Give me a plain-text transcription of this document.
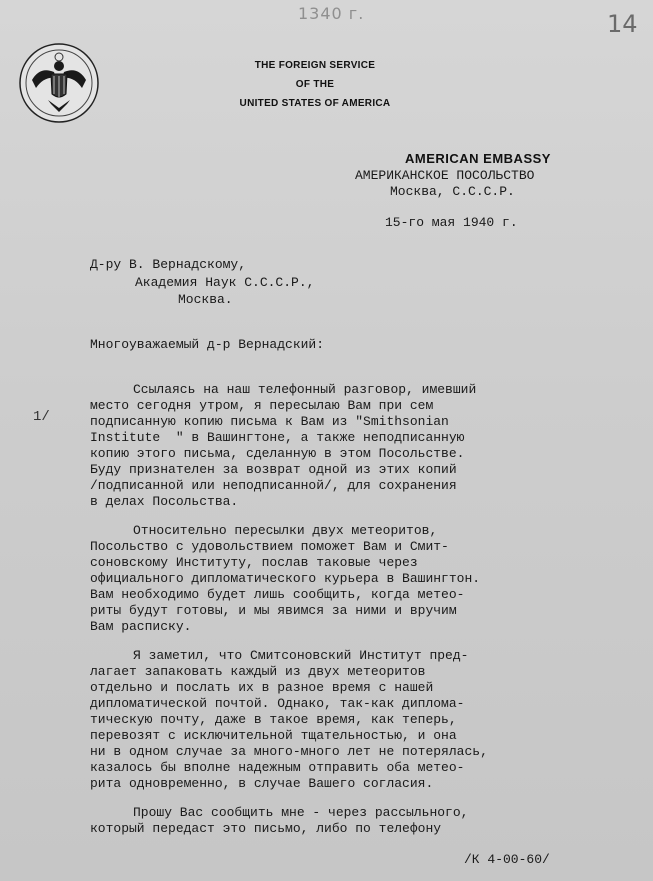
1340 г.	14
THE FOREIGN SERVICE
OF THE
UNITED STATES OF AMERICA
AMERICAN EMBASSY
АМЕРИКАНСКОЕ ПОСОЛЬСТВО
Москва, С.С.С.Р.
15-го мая 1940 г.
Д-ру В. Вернадскому,
Академия Наук С.С.С.Р.,
Москва.
Многоуважаемый д-р Вернадский:
1/
Ссылаясь на наш телефонный разговор, имевший
место сегодня утром, я пересылаю Вам при сем
подписанную копию письма к Вам из "Smithsonian
Institute  " в Вашингтоне, а также неподписанную
копию этого письма, сделанную в этом Посольстве.
Буду признателен за возврат одной из этих копий
/подписанной или неподписанной/, для сохранения
в делах Посольства.
Относительно пересылки двух метеоритов,
Посольство с удовольствием поможет Вам и Смит-
соновскому Институту, послав таковые через
официального дипломатического курьера в Вашингтон.
Вам необходимо будет лишь сообщить, когда метео-
риты будут готовы, и мы явимся за ними и вручим
Вам расписку.
Я заметил, что Смитсоновский Институт пред-
лагает запаковать каждый из двух метеоритов
отдельно и послать их в разное время с нашей
дипломатической почтой. Однако, так-как диплома-
тическую почту, даже в такое время, как теперь,
перевозят с исключительной тщательностью, и она
ни в одном случае за много-много лет не потерялась,
казалось бы вполне надежным отправить оба метео-
рита одновременно, в случае Вашего согласия.
Прошу Вас сообщить мне - через рассыльного,
который передаст это письмо, либо по телефону
/К 4-00-60/
